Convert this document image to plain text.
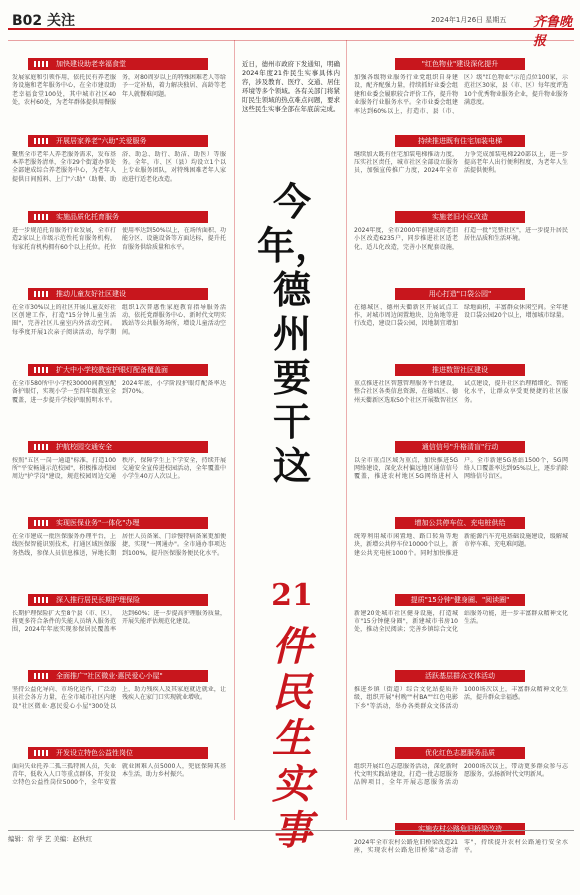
B02 关注	2024年1月26日 星期五 齐鲁晚报
加快建设助老幸福食堂
发展家庭和引领作用，依托民有养老服务设施和老年服务中心，在全市建设助老幸福食堂100处，其中城市社区40处，农村60处，为老年群体提供用餐服务，对80周岁以上的特殊困难老人等给予一定补贴，着力解决独居、高龄等老年人就餐难问题。
开展居家养老"六助"关爱服务
聚焦全市老年人养老服务需求，发布基本养老服务清单，全市29个街道办事处全部建成综合养老服务中心，为老年人提供日间照料、上门"六助"（助餐、助浴、助急、助行、助洁、助医）等服务。全年，市、区（县）均设立1个以上专业服务团队，对特殊困难老年人家庭进行适老化改造。
实施品质化托育服务
进一步规范托育服务行业发展，全市打造2家以上市级示范性托育服务机构，每家托育机构拥有60个以上托位。托位使用率达到50%以上，在场所面积、功能分区、设施设备等方面达标，提升托育服务供给质量和水平。
推动儿童友好社区建设
在全市30%以上的社区开展儿童友好社区创建工作，打造"15分钟儿童生活圈"，完善社区儿童室内外活动空间。每季度开展1次亲子阅读活动，每学期组织1次普惠性家庭教育指导服务活动，依托党群服务中心、新时代文明实践站等公共服务场所，增设儿童活动空间。
扩大中小学校教室护眼灯配备覆盖面
在全市580所中小学校30000间教室配备护眼灯，实现小学一至四年级教室全覆盖，进一步提升学校护眼照明水平。2024年底，小学阶段护眼灯配备率达到70%。
护航校园交通安全
按照"五区一岗一通道"标准，打造100所"平安畅通示范校园"，积极推动校园周边"护学岗"建设，规范校园周边交通秩序，保障学生上下学安全，持续开展交通安全宣传进校园活动，全年覆盖中小学生40万人次以上。
实现医保业务"一体化"办理
在全市建成一批医保服务办理平台，上线医保智能识别技术，打通区域医保服务热线，参保人员信息推送，异地长期居住人员备案、门诊慢特病备案更加便捷，实现"一网通办"。全市通办事项达到100%，提升医保服务便民化水平。
深入推行居民长期护理保险
长期护理保险扩大至8个县（市、区），将更多符合条件的失能人员纳入服务范围，2024年年底实现参保居民覆盖率达到60%；进一步提高护理服务质量，开展失能评估规范化建设。
全面推广"社区微业·惠民爱心小屋"
坚持公益化导向、市场化运作，广泛动员社会各方力量，在全市城市社区内建设"社区微业·惠民爱心小屋"300处以上，助力残疾人及其家庭就近就业，让残疾人在家门口实现就业增收。
开发设立特色公益性岗位
面向失业托养二孤三孤特困人员，失业青年，低收入人口等重点群体，开发设立特色公益性岗位5000个，全年安置就业困难人员5000人，兜底保障其基本生活，助力乡村振兴。
近日，德州市政府下发通知，明确2024年度21件民生实事具体内容，涉及教育、医疗、交通、居住环境等多个领域。各有关部门将紧盯民生领域的热点难点问题，要求这些民生实事全部在年底前完成。
今年，
德州
要干这
21
件民
生实
事
"红色物业"建设深化提升
加强各级物业服务行业党组织自身建设，配齐配强力量，持续抓好业委会组建和业委会履职较合评价工作，提升物业服务行业服务水平。全市业委会组建率达到60%以上，打造市、县（市、区）级"红色物业"示范点位100家，示范社区30家，县（市、区）每年度评选10个优秀物业服务企业，提升物业服务满意度。
持续推进既有住宅加装电梯
继续加大既有住宅加装电梯推动力度，压实社区责任，城市社区全部设立服务员，加强宣传推广力度，2024年全市力争完成加装电梯220部以上，进一步提高老年人出行便利程度，为老年人生活提供便利。
实施老旧小区改造
2024年度，全市2000年前建成的老旧小区改造6235户，同步推进社区适老化、适儿化改造，完善小区配套设施，打造一批"完整社区"，进一步提升居民居住品质和生活环境。
用心打造"口袋公园"
在德城区、德州天衢新区开展试点工作，对城市周边闲置地块、边角地等进行改造，建设口袋公园，因地制宜增加绿地面积，丰富群众休闲空间。全年建设口袋公园20个以上，增加城市绿量。
推进数智社区建设
重点推进社区智慧管理服务平台建设，整合社区各类信息资源，在德城区、德州天衢新区选取50个社区开展数智社区试点建设，提升社区治理精细化、智能化水平，让群众享受更便捷的社区服务。
通信信号"升格清盲"行动
以全市重点区域为重点，加快推进5G网络建设，深化农村偏远地区通信信号覆盖，推进农村地区5G网络进村入户。全市新建5G基站1500个，5G网络人口覆盖率达到95%以上，逐步消除网络信号盲区。
增加公共停车位、充电桩供给
统筹利用城市闲置地、路口转角等地块，新增公共停车位10000个以上，新建公共充电桩1000个。同时加快推进新能源汽车充电基础设施建设，缓解城市停车难、充电难问题。
提质"15分钟"健身圈、"阅读圈"
新建20处城市社区健身设施，打造城市"15分钟健身圈"，新建城市书房10处，推动全民阅读；完善乡镇综合文化站服务功能，进一步丰富群众精神文化生活。
活跃基层群众文体活动
推进乡镇（街道）综合文化站提质升级，组织开展"村晚""村BA""红色电影下乡"等活动，举办各类群众文体活动1000场次以上，丰富群众精神文化生活，提升群众幸福感。
优化红色志愿服务品质
组织开展红色志愿服务活动，深化新时代文明实践站建设，打造一批志愿服务品牌项目，全年开展志愿服务活动2000场次以上，带动更多群众参与志愿服务，弘扬新时代文明新风。
实施农村公路危旧桥梁改造
2024年全市农村公路危旧桥梁改造21座，实现农村公路危旧桥梁"动态清零"，持续提升农村公路通行安全水平。
编辑：常 学 艺 美编：赵秋红
